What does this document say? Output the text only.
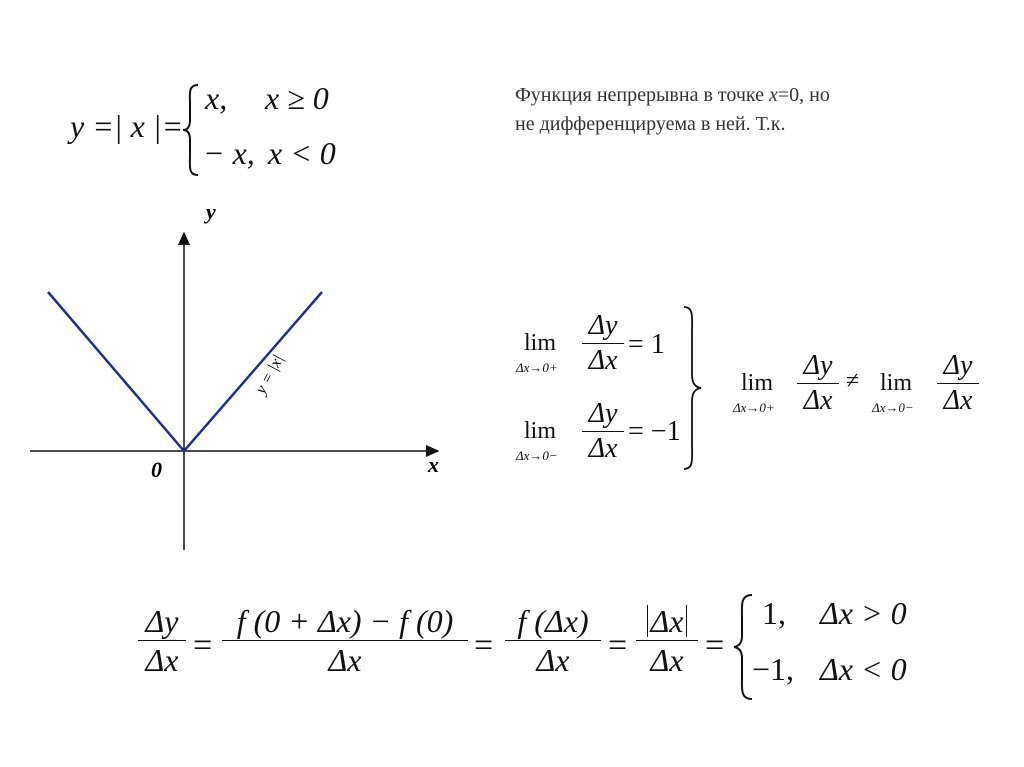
y =| x |=
x, x ≥ 0
− x, x < 0
Функция непрерывна в точке x=0, но
не дифференцируема в ней. Т.к.
y
x
0
y = |x|
lim
Δx→0+
Δy
Δx
= 1
lim
Δx→0−
Δy
Δx
= −1
lim
Δx→0+
Δy
Δx
≠ lim
Δx→0−
Δy
Δx
Δy
Δx =
f (0 + Δx) − f (0)
Δx	=
f (Δx)
Δx =
Δx
Δx =
1, Δx > 0
−1, Δx < 0
